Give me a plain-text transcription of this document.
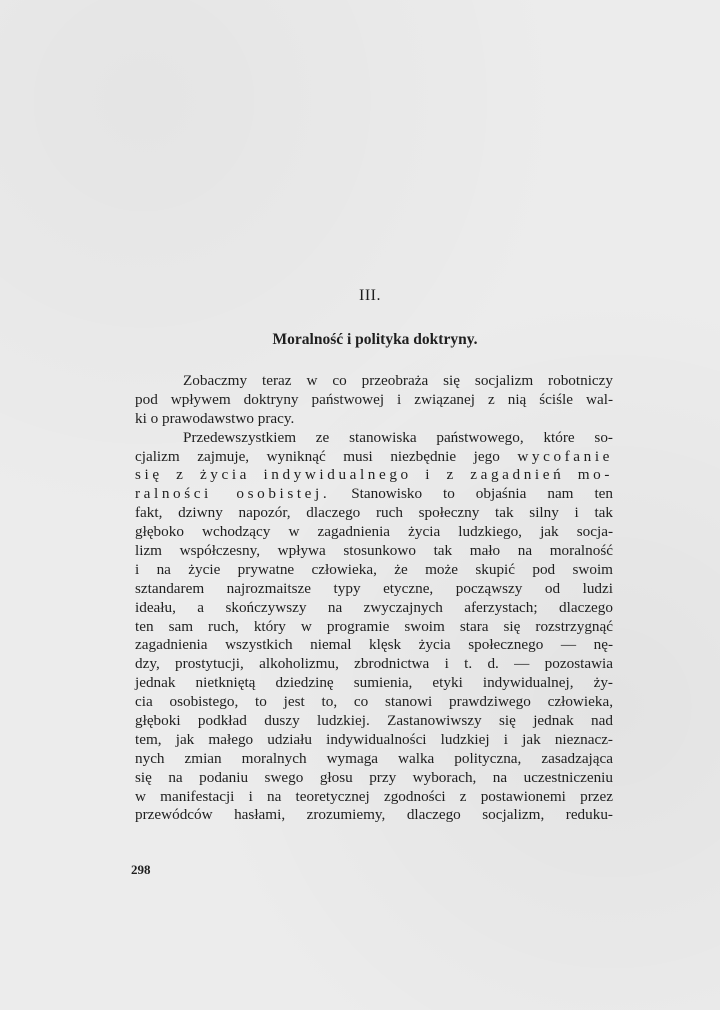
III.
Moralność i polityka doktryny.
Zobaczmy teraz w co przeobraża się socjalizm robotniczy
pod wpływem doktryny państwowej i związanej z nią ściśle wal-
ki o prawodawstwo pracy.
Przedewszystkiem ze stanowiska państwowego, które so-
cjalizm zajmuje, wyniknąć musi niezbędnie jego wycofanie
się z życia indywidualnego i z zagadnień mo-
ralności osobistej. Stanowisko to objaśnia nam ten
fakt, dziwny napozór, dlaczego ruch społeczny tak silny i tak
głęboko wchodzący w zagadnienia życia ludzkiego, jak socja-
lizm współczesny, wpływa stosunkowo tak mało na moralność
i na życie prywatne człowieka, że może skupić pod swoim
sztandarem najrozmaitsze typy etyczne, począwszy od ludzi
ideału, a skończywszy na zwyczajnych aferzystach; dlaczego
ten sam ruch, który w programie swoim stara się rozstrzygnąć
zagadnienia wszystkich niemal klęsk życia społecznego — nę-
dzy, prostytucji, alkoholizmu, zbrodnictwa i t. d. — pozostawia
jednak nietkniętą dziedzinę sumienia, etyki indywidualnej, ży-
cia osobistego, to jest to, co stanowi prawdziwego człowieka,
głęboki podkład duszy ludzkiej. Zastanowiwszy się jednak nad
tem, jak małego udziału indywidualności ludzkiej i jak nieznacz-
nych zmian moralnych wymaga walka polityczna, zasadzająca
się na podaniu swego głosu przy wyborach, na uczestniczeniu
w manifestacji i na teoretycznej zgodności z postawionemi przez
przewódców hasłami, zrozumiemy, dlaczego socjalizm, reduku-
298
